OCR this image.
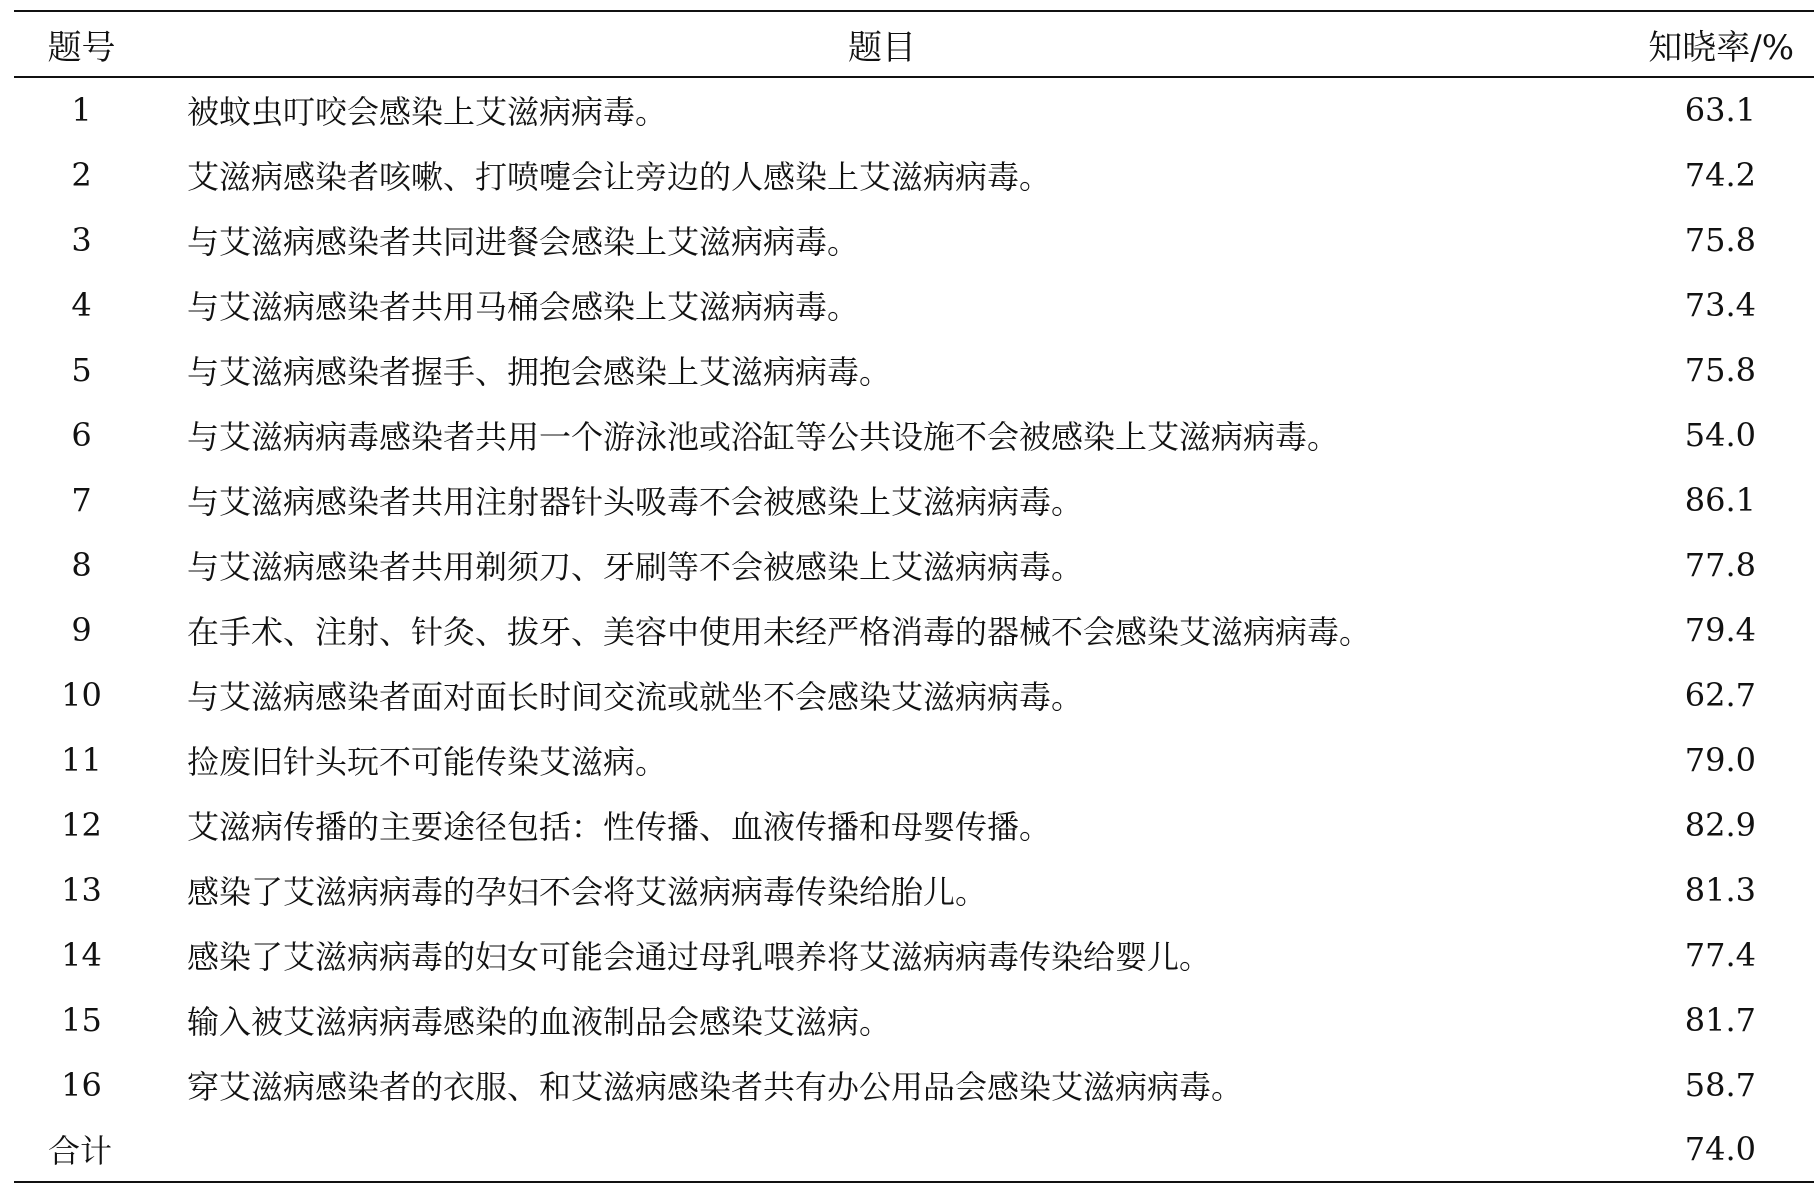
题号	题目	知晓率/%
1	被蚊虫叮咬会感染上艾滋病病毒。	63.1
2	艾滋病感染者咳嗽、打喷嚏会让旁边的人感染上艾滋病病毒。	74.2
3	与艾滋病感染者共同进餐会感染上艾滋病病毒。	75.8
4	与艾滋病感染者共用马桶会感染上艾滋病病毒。	73.4
5	与艾滋病感染者握手、拥抱会感染上艾滋病病毒。	75.8
6	与艾滋病病毒感染者共用一个游泳池或浴缸等公共设施不会被感染上艾滋病病毒。	54.0
7	与艾滋病感染者共用注射器针头吸毒不会被感染上艾滋病病毒。	86.1
8	与艾滋病感染者共用剃须刀、牙刷等不会被感染上艾滋病病毒。	77.8
9	在手术、注射、针灸、拔牙、美容中使用未经严格消毒的器械不会感染艾滋病病毒。	79.4
10	与艾滋病感染者面对面长时间交流或就坐不会感染艾滋病病毒。	62.7
11	捡废旧针头玩不可能传染艾滋病。	79.0
12	艾滋病传播的主要途径包括：性传播、血液传播和母婴传播。	82.9
13	感染了艾滋病病毒的孕妇不会将艾滋病病毒传染给胎儿。	81.3
14	感染了艾滋病病毒的妇女可能会通过母乳喂养将艾滋病病毒传染给婴儿。	77.4
15	输入被艾滋病病毒感染的血液制品会感染艾滋病。	81.7
16	穿艾滋病感染者的衣服、和艾滋病感染者共有办公用品会感染艾滋病病毒。	58.7
合计		74.0
